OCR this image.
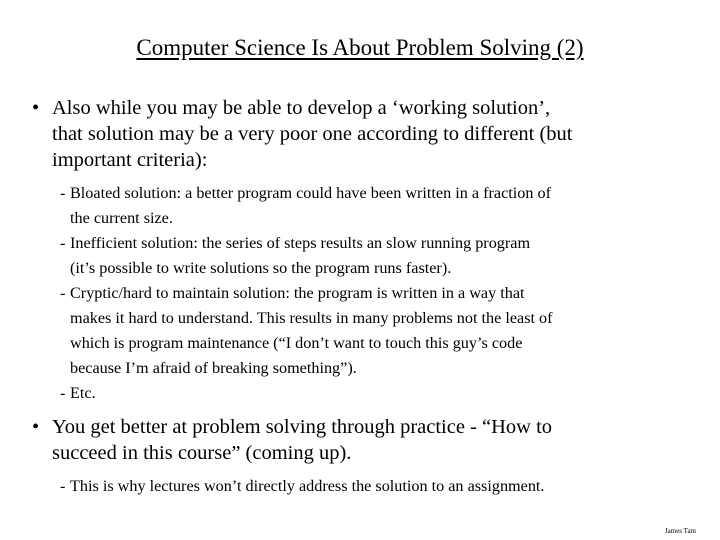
Computer Science Is About Problem Solving (2)
• Also while you may be able to develop a ‘working solution’,
that solution may be a very poor one according to different (but
important criteria):
- Bloated solution: a better program could have been written in a fraction of
the current size.
- Inefficient solution: the series of steps results an slow running program
(it’s possible to write solutions so the program runs faster).
- Cryptic/hard to maintain solution: the program is written in a way that
makes it hard to understand. This results in many problems not the least of
which is program maintenance (“I don’t want to touch this guy’s code
because I’m afraid of breaking something”).
- Etc.
• You get better at problem solving through practice - “How to
succeed in this course” (coming up).
- This is why lectures won’t directly address the solution to an assignment.
James Tam
